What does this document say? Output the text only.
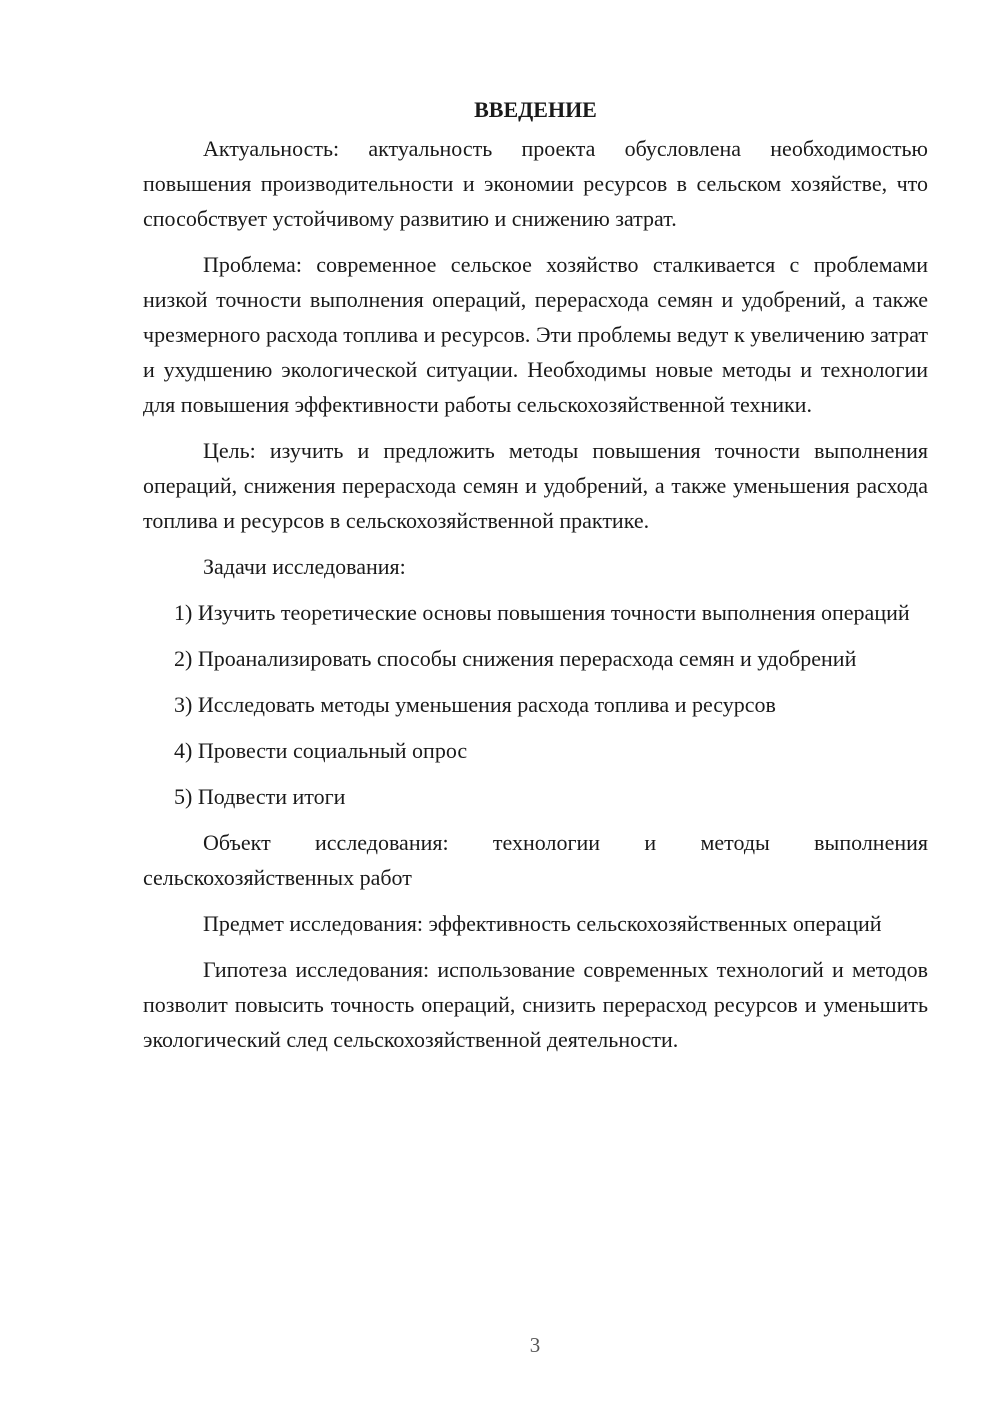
ВВЕДЕНИЕ

Актуальность: актуальность проекта обусловлена необходимостью повышения производительности и экономии ресурсов в сельском хозяйстве, что способствует устойчивому развитию и снижению затрат.

Проблема: современное сельское хозяйство сталкивается с проблемами низкой точности выполнения операций, перерасхода семян и удобрений, а также чрезмерного расхода топлива и ресурсов. Эти проблемы ведут к увеличению затрат и ухудшению экологической ситуации. Необходимы новые методы и технологии для повышения эффективности работы сельскохозяйственной техники.

Цель: изучить и предложить методы повышения точности выполнения операций, снижения перерасхода семян и удобрений, а также уменьшения расхода топлива и ресурсов в сельскохозяйственной практике.

Задачи исследования:

1) Изучить теоретические основы повышения точности выполнения операций

2) Проанализировать способы снижения перерасхода семян и удобрений

3) Исследовать методы уменьшения расхода топлива и ресурсов

4) Провести социальный опрос

5) Подвести итоги

Объект исследования: технологии и методы выполнения сельскохозяйственных работ

Предмет исследования: эффективность сельскохозяйственных операций

Гипотеза исследования: использование современных технологий и методов позволит повысить точность операций, снизить перерасход ресурсов и уменьшить экологический след сельскохозяйственной деятельности.

3
